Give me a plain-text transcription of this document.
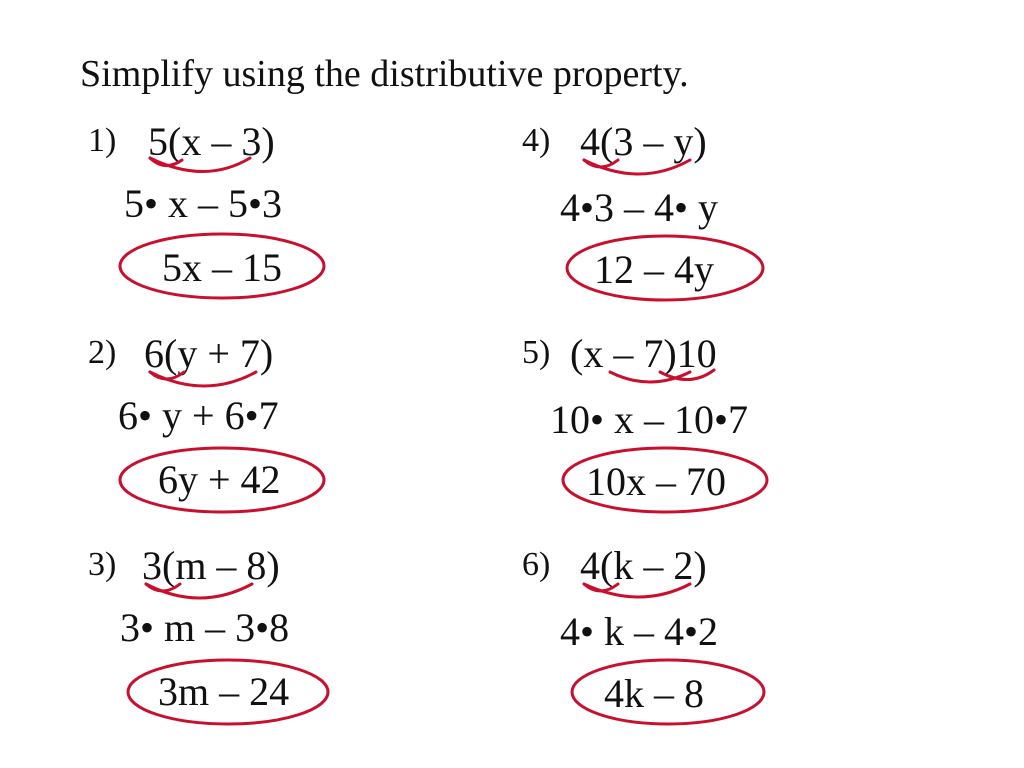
Simplify using the distributive property.
1) 5(x – 3)
5• x – 5•3
5x – 15
2) 6(y + 7)
6• y + 6•7
6y + 42
3) 3(m – 8)
3• m – 3•8
3m – 24
4) 4(3 – y)
4•3 – 4• y
12 – 4y
5) (x – 7)10
10• x – 10•7
10x – 70
6) 4(k – 2)
4• k – 4•2
4k – 8
